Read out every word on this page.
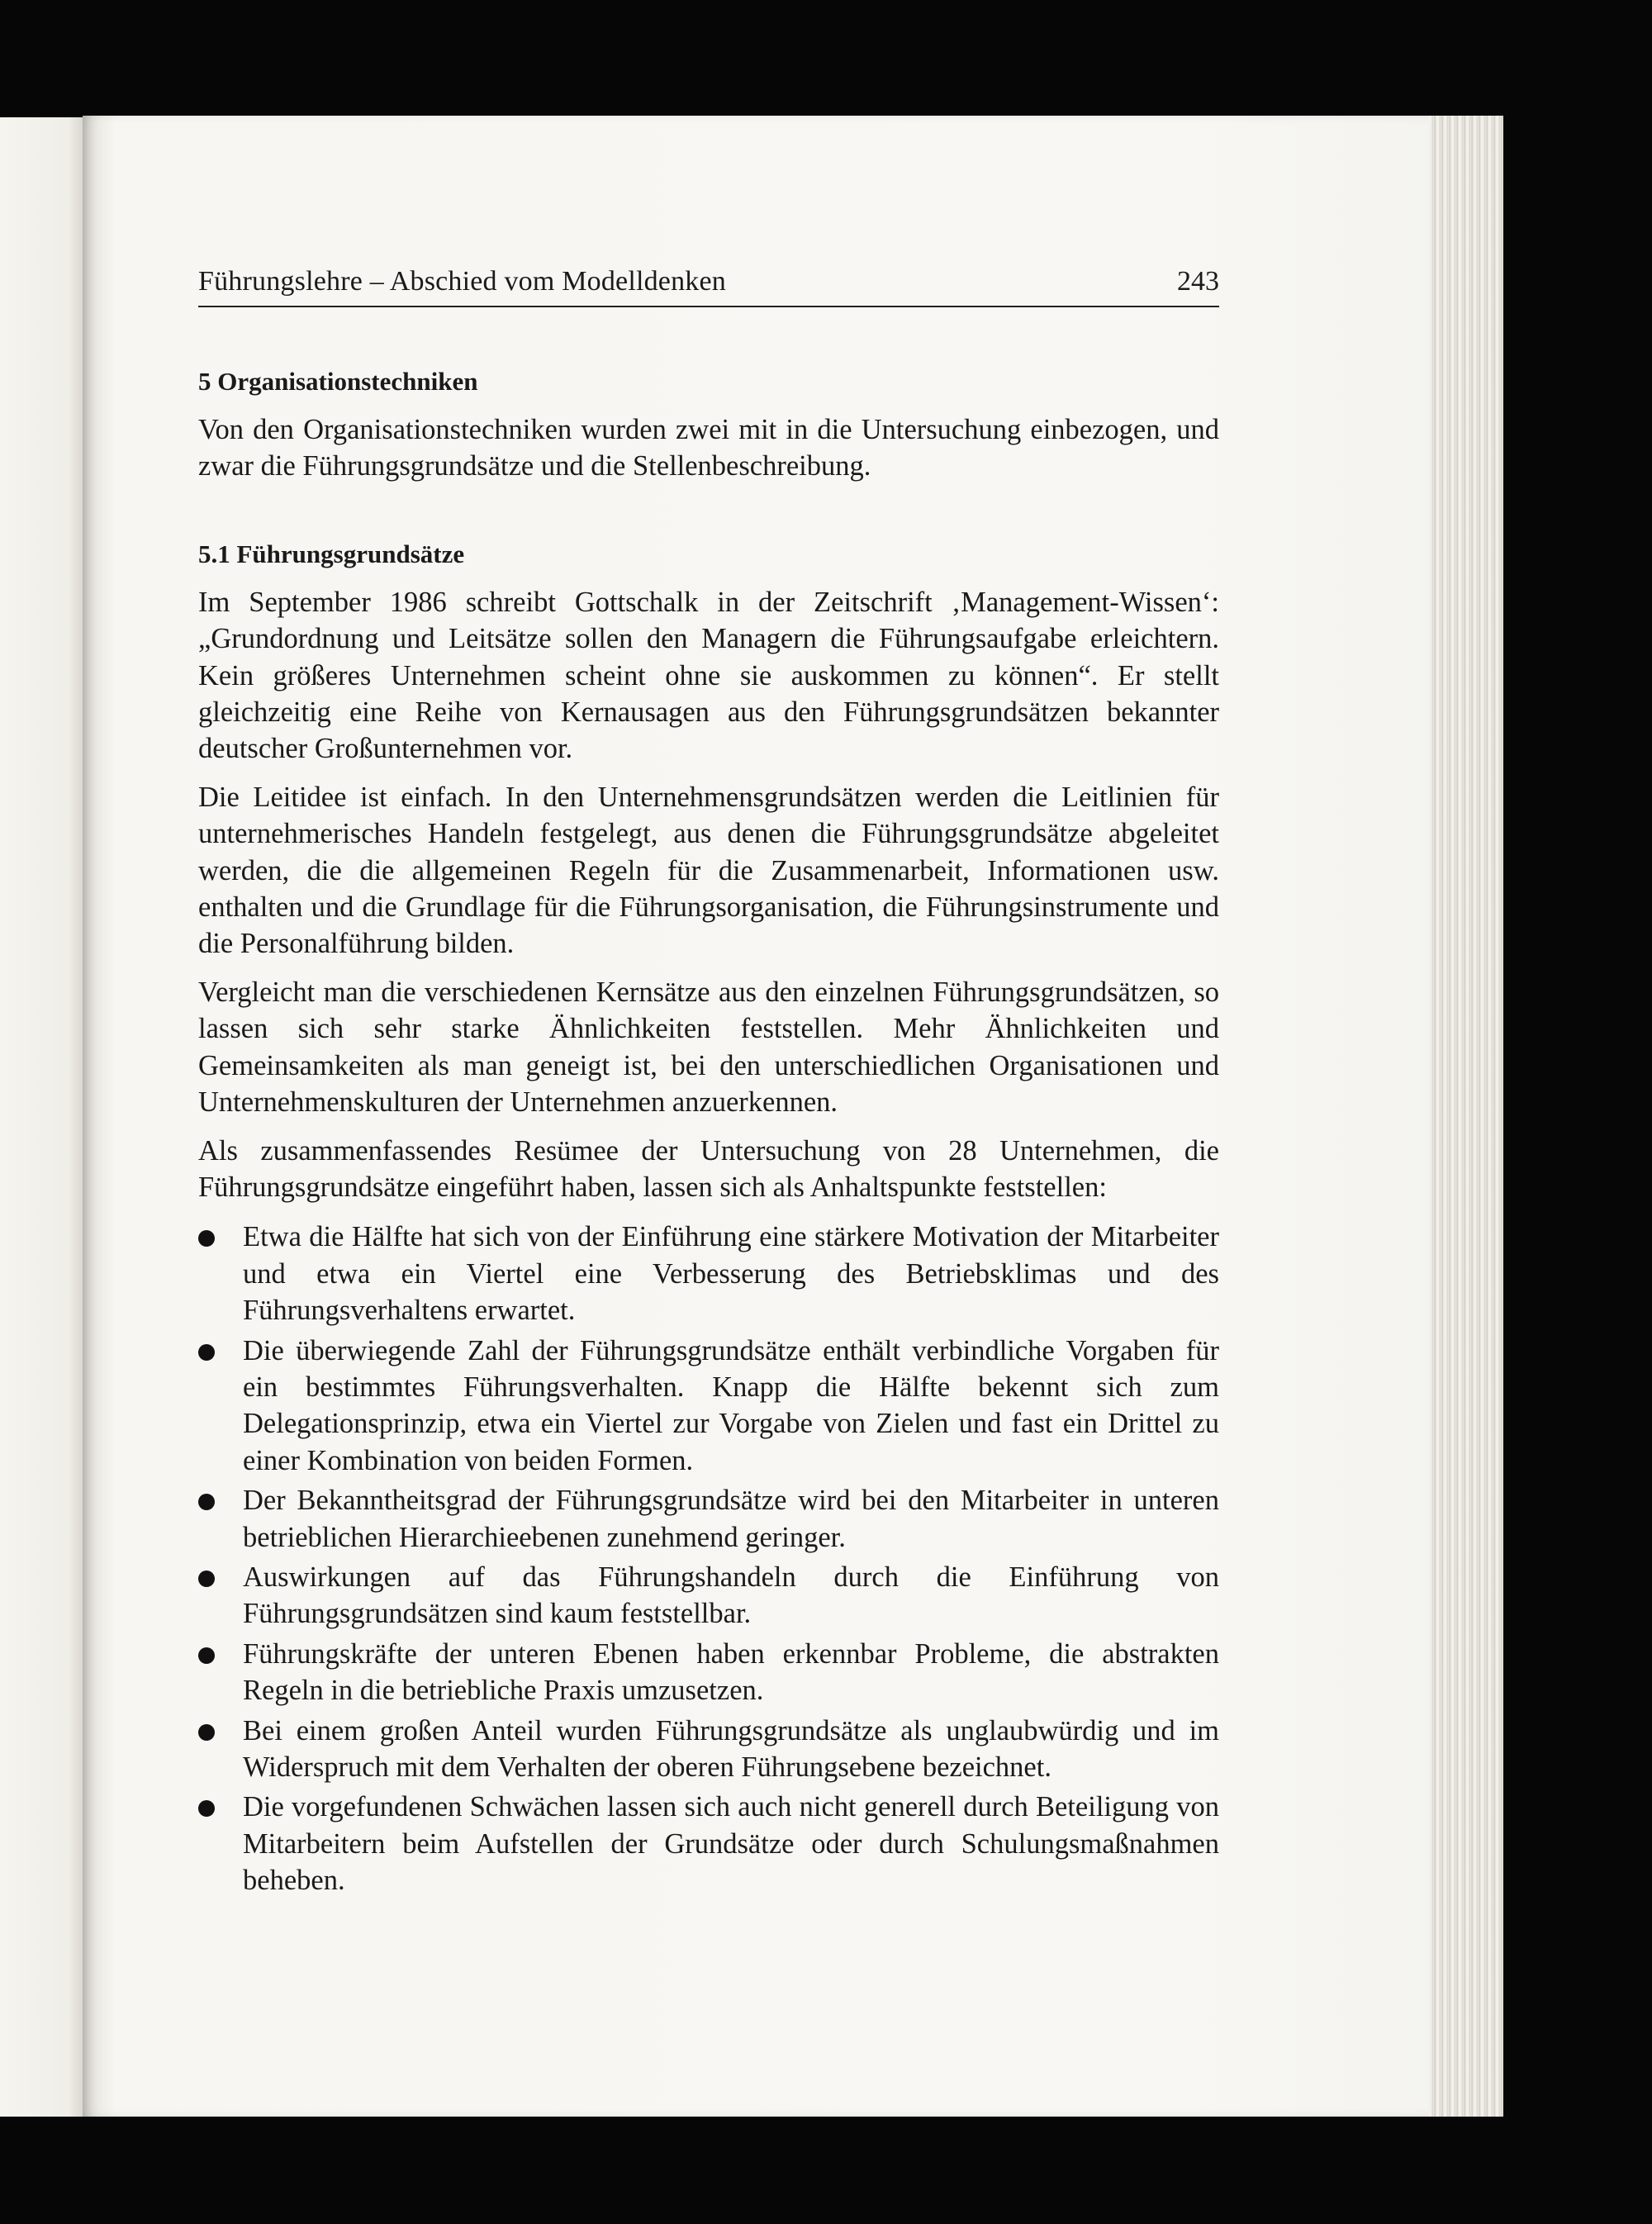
Führungslehre – Abschied vom Modelldenken	243
5 Organisationstechniken

Von den Organisationstechniken wurden zwei mit in die Untersuchung einbezogen, und zwar die Führungsgrundsätze und die Stellenbeschreibung.

5.1 Führungsgrundsätze

Im September 1986 schreibt Gottschalk in der Zeitschrift ‚Management-Wissen‘: „Grundordnung und Leitsätze sollen den Managern die Führungsaufgabe erleichtern. Kein größeres Unternehmen scheint ohne sie auskommen zu können“. Er stellt gleichzeitig eine Reihe von Kernausagen aus den Führungsgrundsätzen bekannter deutscher Großunternehmen vor.

Die Leitidee ist einfach. In den Unternehmensgrundsätzen werden die Leitlinien für unternehmerisches Handeln festgelegt, aus denen die Führungsgrundsätze abgeleitet werden, die die allgemeinen Regeln für die Zusammenarbeit, Informationen usw. enthalten und die Grundlage für die Führungsorganisation, die Führungsinstrumente und die Personalführung bilden.

Vergleicht man die verschiedenen Kernsätze aus den einzelnen Führungsgrundsätzen, so lassen sich sehr starke Ähnlichkeiten feststellen. Mehr Ähnlichkeiten und Gemeinsamkeiten als man geneigt ist, bei den unterschiedlichen Organisationen und Unternehmenskulturen der Unternehmen anzuerkennen.

Als zusammenfassendes Resümee der Untersuchung von 28 Unternehmen, die Führungsgrundsätze eingeführt haben, lassen sich als Anhaltspunkte feststellen:

Etwa die Hälfte hat sich von der Einführung eine stärkere Motivation der Mitarbeiter und etwa ein Viertel eine Verbesserung des Betriebsklimas und des Führungsverhaltens erwartet.
Die überwiegende Zahl der Führungsgrundsätze enthält verbindliche Vorgaben für ein bestimmtes Führungsverhalten. Knapp die Hälfte bekennt sich zum Delegationsprinzip, etwa ein Viertel zur Vorgabe von Zielen und fast ein Drittel zu einer Kombination von beiden Formen.
Der Bekanntheitsgrad der Führungsgrundsätze wird bei den Mitarbeiter in unteren betrieblichen Hierarchieebenen zunehmend geringer.
Auswirkungen auf das Führungshandeln durch die Einführung von Führungsgrundsätzen sind kaum feststellbar.
Führungskräfte der unteren Ebenen haben erkennbar Probleme, die abstrakten Regeln in die betriebliche Praxis umzusetzen.
Bei einem großen Anteil wurden Führungsgrundsätze als unglaubwürdig und im Widerspruch mit dem Verhalten der oberen Führungsebene bezeichnet.
Die vorgefundenen Schwächen lassen sich auch nicht generell durch Beteiligung von Mitarbeitern beim Aufstellen der Grundsätze oder durch Schulungsmaßnahmen beheben.
